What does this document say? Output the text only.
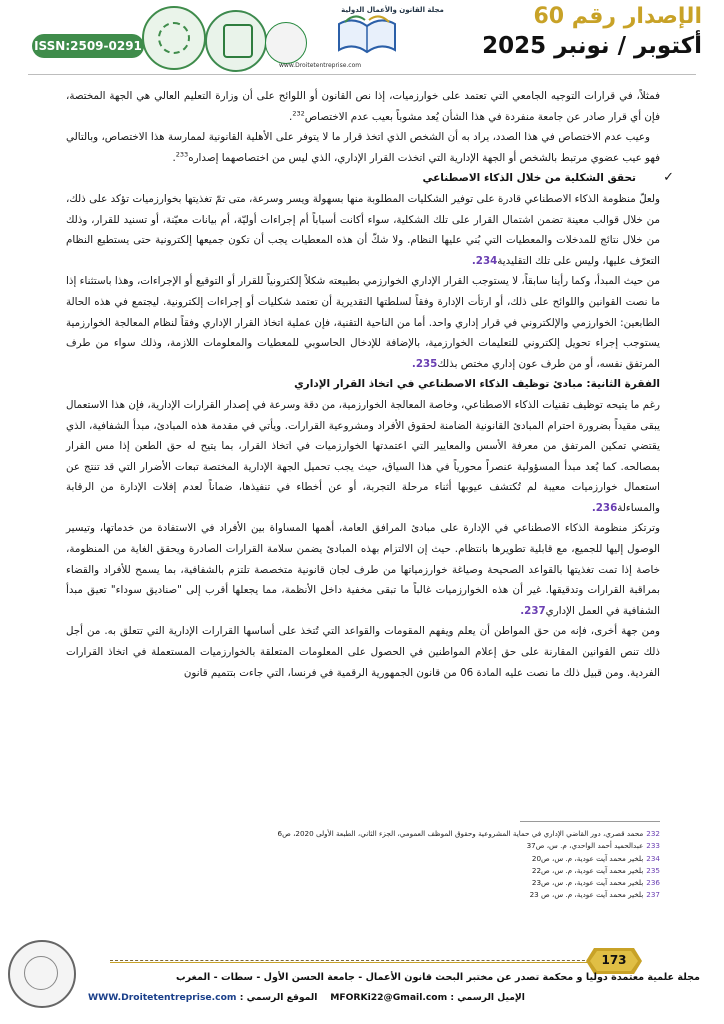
ISSN:2509-0291
مجلة القانون والأعمال الدولية
www.Droitetentreprise.com
الإصدار رقم 60
أكتوبر / نونبر 2025

فمثلاً، في قرارات التوجيه الجامعي التي تعتمد على خوارزميات، إذا نص القانون أو اللوائح على أن وزارة التعليم العالي هي الجهة المختصة، فإن أي قرار صادر عن جامعة منفردة في هذا الشأن يُعد مشوباً بعيب عدم الاختصاص$^{232}$.

وعيب عدم الاختصاص في هذا الصدد، يراد به أن الشخص الذي اتخذ قرار ما لا يتوفر على الأهلية القانونية لممارسة هذا الاختصاص، وبالتالي فهو عيب عضوي مرتبط بالشخص أو الجهة الإدارية التي اتخذت القرار الإداري، الذي ليس من اختصاصهما إصداره$^{233}$.

✓
تحقق الشكلية من خلال الذكاء الاصطناعي

ولعلّ منظومة الذكاء الاصطناعي قادرة على توفير الشكليات المطلوبة منها بسهولة ويسر وسرعة، متى تمّ تغذيتها بخوارزميات تؤكد على ذلك، من خلال قوالب معينة تضمن اشتمال القرار على تلك الشكلية، سواء أكانت أسباباً أم إجراءات أوليّة، أم بيانات معيّنة، أو تسنيد للقرار، وذلك من خلال نتائج للمدخلات والمعطيات التي بُني عليها النظام. ولا شكّ أن هذه المعطيات يجب أن تكون جميعها إلكترونية حتى يستطيع النظام التعرّف عليها، وليس على تلك التقليدية234.

من حيث المبدأ، وكما رأينا سابقاً، لا يستوجب القرار الإداري الخوارزمي بطبيعته شكلاً إلكترونياً للقرار أو التوقيع أو الإجراءات، وهذا باستثناء إذا ما نصت القوانين واللوائح على ذلك، أو ارتأت الإدارة وفقاً لسلطتها التقديرية أن تعتمد شكليات أو إجراءات إلكترونية. ليجتمع في هذه الحالة الطابعين: الخوارزمي والإلكتروني في قرار إداري واحد. أما من الناحية التقنية، فإن عملية اتخاذ القرار الإداري وفقاً لنظام المعالجة الخوارزمية يستوجب إجراء تحويل إلكتروني للتعليمات الخوارزمية، بالإضافة للإدخال الحاسوبي للمعطيات والمعلومات اللازمة، وذلك سواء من طرف المرتفق نفسه، أو من طرف عون إداري مختص بذلك235.

الفقرة الثانية: مبادئ توظيف الذكاء الاصطناعي في اتخاذ القرار الإداري

رغم ما يتيحه توظيف تقنيات الذكاء الاصطناعي، وخاصة المعالجة الخوارزمية، من دقة وسرعة في إصدار القرارات الإدارية، فإن هذا الاستعمال يبقى مقيداً بضرورة احترام المبادئ القانونية الضامنة لحقوق الأفراد ومشروعية القرارات. ويأتي في مقدمة هذه المبادئ، مبدأ الشفافية، الذي يقتضي تمكين المرتفق من معرفة الأسس والمعايير التي اعتمدتها الخوارزميات في اتخاذ القرار، بما يتيح له حق الطعن إذا مس القرار بمصالحه. كما يُعد مبدأ المسؤولية عنصراً محورياً في هذا السياق، حيث يجب تحميل الجهة الإدارية المختصة تبعات الأضرار التي قد تنتج عن استعمال خوارزميات معيبة لم تُكتشف عيوبها أثناء مرحلة التجربة، أو عن أخطاء في تنفيذها، ضماناً لعدم إفلات الإدارة من الرقابة والمساءلة236.

وترتكز منظومة الذكاء الاصطناعي في الإدارة على مبادئ المرافق العامة، أهمها المساواة بين الأفراد في الاستفادة من خدماتها، وتيسير الوصول إليها للجميع، مع قابلية تطويرها بانتظام. حيث إن الالتزام بهذه المبادئ يضمن سلامة القرارات الصادرة ويحقق الغاية من المنظومة، خاصة إذا تمت تغذيتها بالقواعد الصحيحة وصياغة خوارزمياتها من طرف لجان قانونية متخصصة تلتزم بالشفافية، بما يسمح للأفراد والقضاء بمراقبة القرارات وتدقيقها. غير أن هذه الخوارزميات غالباً ما تبقى مخفية داخل الأنظمة، مما يجعلها أقرب إلى "صناديق سوداء" تعيق مبدأ الشفافية في العمل الإداري237.

ومن جهة أخرى، فإنه من حق المواطن أن يعلم ويفهم المقومات والقواعد التي تُتخذ على أساسها القرارات الإدارية التي تتعلق به. من أجل ذلك تنص القوانين المقارنة على حق إعلام المواطنين في الحصول على المعلومات المتعلقة بالخوارزميات المستعملة في اتخاذ القرارات الفردية. ومن قبيل ذلك ما نصت عليه المادة 06 من قانون الجمهورية الرقمية في فرنسا، التي جاءت بتتميم قانون

232محمد قصري، دور القاضي الإداري في حماية المشروعية وحقوق الموظف العمومي، الجزء الثاني، الطبعة الأولى 2020، ص6
233عبدالحميد أحمد الواحدي، م. س، ص37
234بلخير محمد آيت عودية، م. س، ص20
235بلخير محمد آيت عودية، م. س، ص22
236بلخير محمد آيت عودية، م. س، ص23
237بلخير محمد آيت عودية، م. س، ص 23
173
مجلة علمية معتمدة دوليا و محكمة تصدر عن مختبر البحث قانون الأعمال - جامعة الحسن الأول - سطات - المغرب
WWW.Droitetentreprise.com : الموقع الرسمي MFORKi22@Gmail.com : الإميل الرسمي
